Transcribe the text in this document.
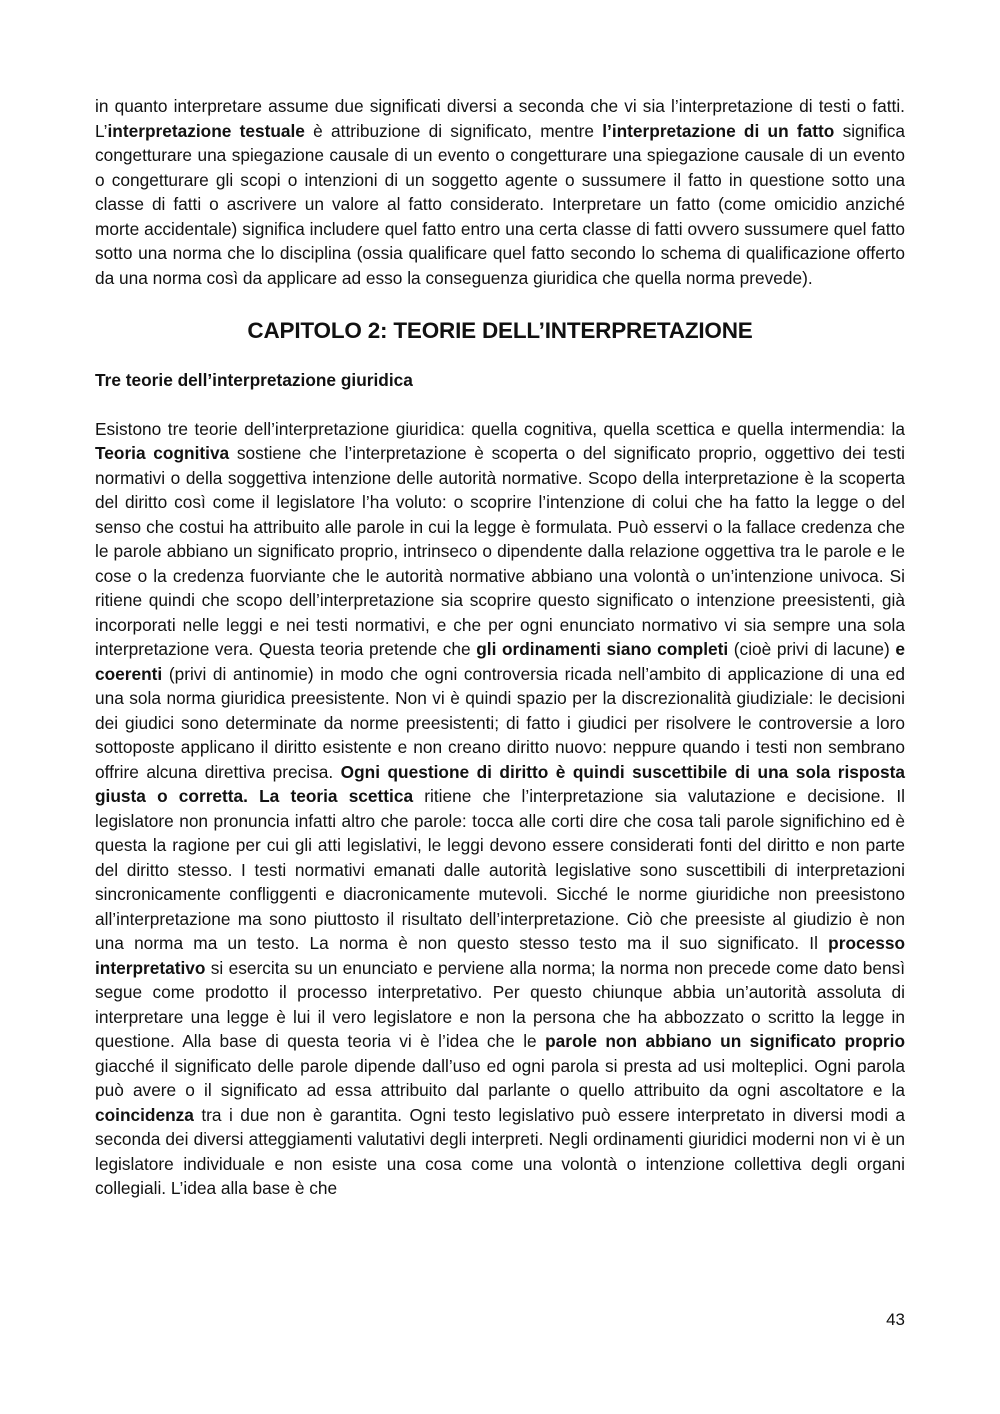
in quanto interpretare assume due significati diversi a seconda che vi sia l’interpretazione di testi o fatti. L’interpretazione testuale è attribuzione di significato, mentre l’interpretazione di un fatto significa congetturare una spiegazione causale di un evento o congetturare una spiegazione causale di un evento o congetturare gli scopi o intenzioni di un soggetto agente o sussumere il fatto in questione sotto una classe di fatti o ascrivere un valore al fatto considerato. Interpretare un fatto (come omicidio anziché morte accidentale) significa includere quel fatto entro una certa classe di fatti ovvero sussumere quel fatto sotto una norma che lo disciplina (ossia qualificare quel fatto secondo lo schema di qualificazione offerto da una norma così da applicare ad esso la conseguenza giuridica che quella norma prevede).

CAPITOLO 2: TEORIE DELL’INTERPRETAZIONE
Tre teorie dell’interpretazione giuridica

Esistono tre teorie dell’interpretazione giuridica: quella cognitiva, quella scettica e quella intermendia: la Teoria cognitiva sostiene che l’interpretazione è scoperta o del significato proprio, oggettivo dei testi normativi o della soggettiva intenzione delle autorità normative. Scopo della interpretazione è la scoperta del diritto così come il legislatore l’ha voluto: o scoprire l’intenzione di colui che ha fatto la legge o del senso che costui ha attribuito alle parole in cui la legge è formulata. Può esservi o la fallace credenza che le parole abbiano un significato proprio, intrinseco o dipendente dalla relazione oggettiva tra le parole e le cose o la credenza fuorviante che le autorità normative abbiano una volontà o un’intenzione univoca. Si ritiene quindi che scopo dell’interpretazione sia scoprire questo significato o intenzione preesistenti, già incorporati nelle leggi e nei testi normativi, e che per ogni enunciato normativo vi sia sempre una sola interpretazione vera. Questa teoria pretende che gli ordinamenti siano completi (cioè privi di lacune) e coerenti (privi di antinomie) in modo che ogni controversia ricada nell’ambito di applicazione di una ed una sola norma giuridica preesistente. Non vi è quindi spazio per la discrezionalità giudiziale: le decisioni dei giudici sono determinate da norme preesistenti; di fatto i giudici per risolvere le controversie a loro sottoposte applicano il diritto esistente e non creano diritto nuovo: neppure quando i testi non sembrano offrire alcuna direttiva precisa. Ogni questione di diritto è quindi suscettibile di una sola risposta giusta o corretta. La teoria scettica ritiene che l’interpretazione sia valutazione e decisione. Il legislatore non pronuncia infatti altro che parole: tocca alle corti dire che cosa tali parole significhino ed è questa la ragione per cui gli atti legislativi, le leggi devono essere considerati fonti del diritto e non parte del diritto stesso. I testi normativi emanati dalle autorità legislative sono suscettibili di interpretazioni sincronicamente confliggenti e diacronicamente mutevoli. Sicché le norme giuridiche non preesistono all’interpretazione ma sono piuttosto il risultato dell’interpretazione. Ciò che preesiste al giudizio è non una norma ma un testo. La norma è non questo stesso testo ma il suo significato. Il processo interpretativo si esercita su un enunciato e perviene alla norma; la norma non precede come dato bensì segue come prodotto il processo interpretativo. Per questo chiunque abbia un’autorità assoluta di interpretare una legge è lui il vero legislatore e non la persona che ha abbozzato o scritto la legge in questione. Alla base di questa teoria vi è l’idea che le parole non abbiano un significato proprio giacché il significato delle parole dipende dall’uso ed ogni parola si presta ad usi molteplici. Ogni parola può avere o il significato ad essa attribuito dal parlante o quello attribuito da ogni ascoltatore e la coincidenza tra i due non è garantita. Ogni testo legislativo può essere interpretato in diversi modi a seconda dei diversi atteggiamenti valutativi degli interpreti. Negli ordinamenti giuridici moderni non vi è un legislatore individuale e non esiste una cosa come una volontà o intenzione collettiva degli organi collegiali. L’idea alla base è che

43
